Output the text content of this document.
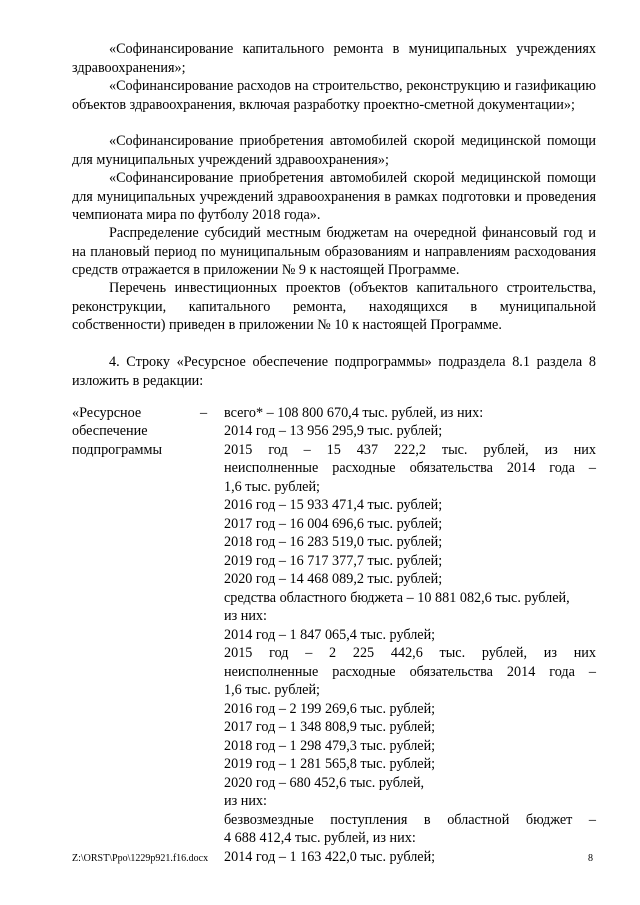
«Софинансирование капитального ремонта в муниципальных учреждениях здравоохранения»;

«Софинансирование расходов на строительство, реконструкцию и газификацию объектов здравоохранения, включая разработку проектно-сметной документации»;

«Софинансирование приобретения автомобилей скорой медицинской помощи для муниципальных учреждений здравоохранения»;

«Софинансирование приобретения автомобилей скорой медицинской помощи для муниципальных учреждений здравоохранения в рамках подготовки и проведения чемпионата мира по футболу 2018 года».

Распределение субсидий местным бюджетам на очередной финансовый год и на плановый период по муниципальным образованиям и направлениям расходования средств отражается в приложении № 9 к настоящей Программе.

Перечень инвестиционных проектов (объектов капитального строительства, реконструкции, капитального ремонта, находящихся в муниципальной собственности) приведен в приложении № 10 к настоящей Программе.

4. Строку «Ресурсное обеспечение подпрограммы» подраздела 8.1 раздела 8 изложить в редакции:

«Ресурсное
обеспечение
подпрограммы
– всего* – 108 800 670,4 тыс. рублей, из них:
2014 год – 13 956 295,9 тыс. рублей;
2015 год – 15 437 222,2 тыс. рублей, из них
неисполненные расходные обязательства 2014 года –
1,6 тыс. рублей;
2016 год – 15 933 471,4 тыс. рублей;
2017 год – 16 004 696,6 тыс. рублей;
2018 год – 16 283 519,0 тыс. рублей;
2019 год – 16 717 377,7 тыс. рублей;
2020 год – 14 468 089,2 тыс. рублей;
средства областного бюджета – 10 881 082,6 тыс. рублей,
из них:
2014 год – 1 847 065,4 тыс. рублей;
2015 год – 2 225 442,6 тыс. рублей, из них
неисполненные расходные обязательства 2014 года –
1,6 тыс. рублей;
2016 год – 2 199 269,6 тыс. рублей;
2017 год – 1 348 808,9 тыс. рублей;
2018 год – 1 298 479,3 тыс. рублей;
2019 год – 1 281 565,8 тыс. рублей;
2020 год – 680 452,6 тыс. рублей,
из них:
безвозмездные поступления в областной бюджет –
4 688 412,4 тыс. рублей, из них:
2014 год – 1 163 422,0 тыс. рублей;
Z:\ORST\Ppo\1229p921.f16.docx	8
